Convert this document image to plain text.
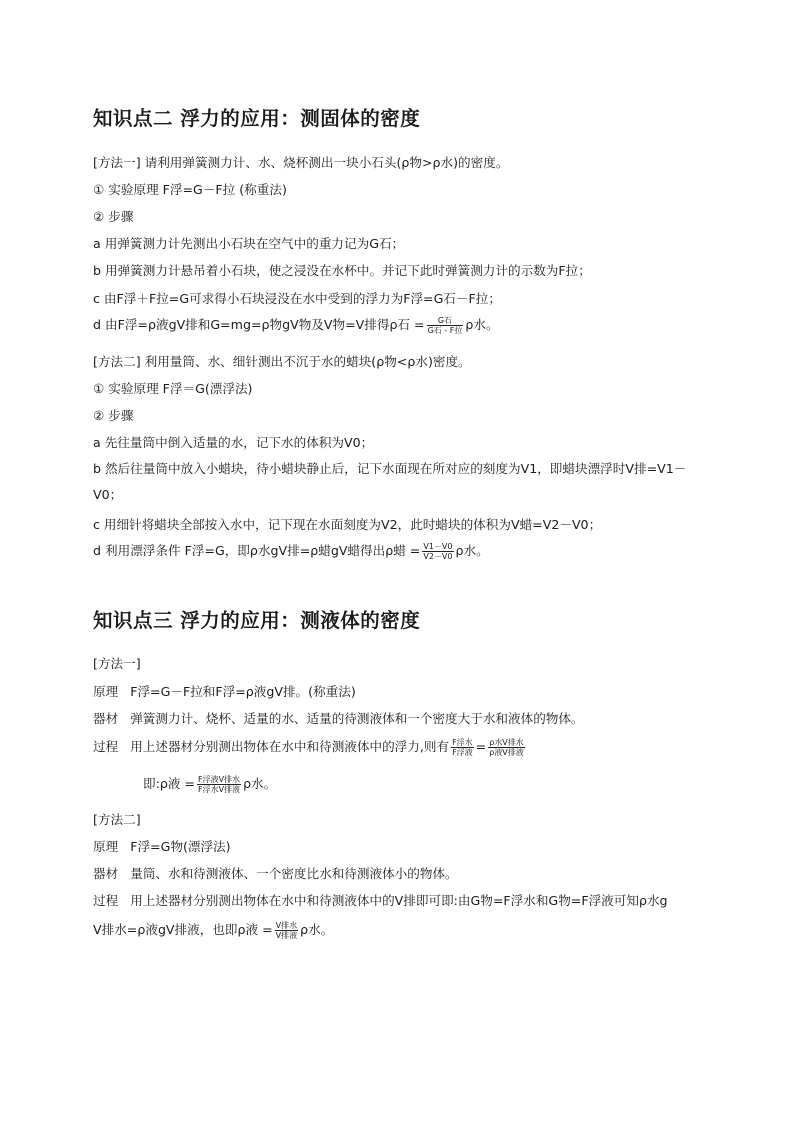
知识点二 浮力的应用：测固体的密度
[方法一] 请利用弹簧测力计、水、烧杯测出一块小石头(ρ物>ρ水)的密度。
① 实验原理 F浮=G－F拉 (称重法)
② 步骤
a 用弹簧测力计先测出小石块在空气中的重力记为G石；
b 用弹簧测力计悬吊着小石块，使之浸没在水杯中。并记下此时弹簧测力计的示数为F拉；
c 由F浮＋F拉=G可求得小石块浸没在水中受到的浮力为F浮=G石－F拉；
d 由F浮=ρ液gV排和G=mg=ρ物gV物及V物=V排得ρ石 = $\frac{\text{G石}}{\text{G石 - F拉}}$ ρ水。
[方法二] 利用量筒、水、细针测出不沉于水的蜡块(ρ物<ρ水)密度。
① 实验原理 F浮＝G(漂浮法)
② 步骤
a 先往量筒中倒入适量的水，记下水的体积为V0；
b 然后往量筒中放入小蜡块，待小蜡块静止后，记下水面现在所对应的刻度为V1，即蜡块漂浮时V排=V1－V0；
c 用细针将蜡块全部按入水中，记下现在水面刻度为V2，此时蜡块的体积为V蜡=V2－V0；
d 利用漂浮条件 F浮=G，即ρ水gV排=ρ蜡gV蜡得出ρ蜡 = $\frac{V1-V0}{V2-V0}$ ρ水。
知识点三 浮力的应用：测液体的密度
[方法一]
原理 F浮=G－F拉和F浮=ρ液gV排。(称重法)
器材 弹簧测力计、烧杯、适量的水、适量的待测液体和一个密度大于水和液体的物体。
过程 用上述器材分别测出物体在水中和待测液体中的浮力,则有 $\frac{\text{F浮水}}{\text{F浮液}} = \frac{\text{ρ水V排水}}{\text{ρ液V排液}}$
即:ρ液 = $\frac{\text{F浮液V排水}}{\text{F浮水V排液}}$ ρ水。
[方法二]
原理 F浮=G物(漂浮法)
器材 量筒、水和待测液体、一个密度比水和待测液体小的物体。
过程 用上述器材分别测出物体在水中和待测液体中的V排即可即:由G物=F浮水和G物=F浮液可知ρ水g
V排水=ρ液gV排液，也即ρ液 = $\frac{\text{V排水}}{\text{V排液}}$ ρ水。
